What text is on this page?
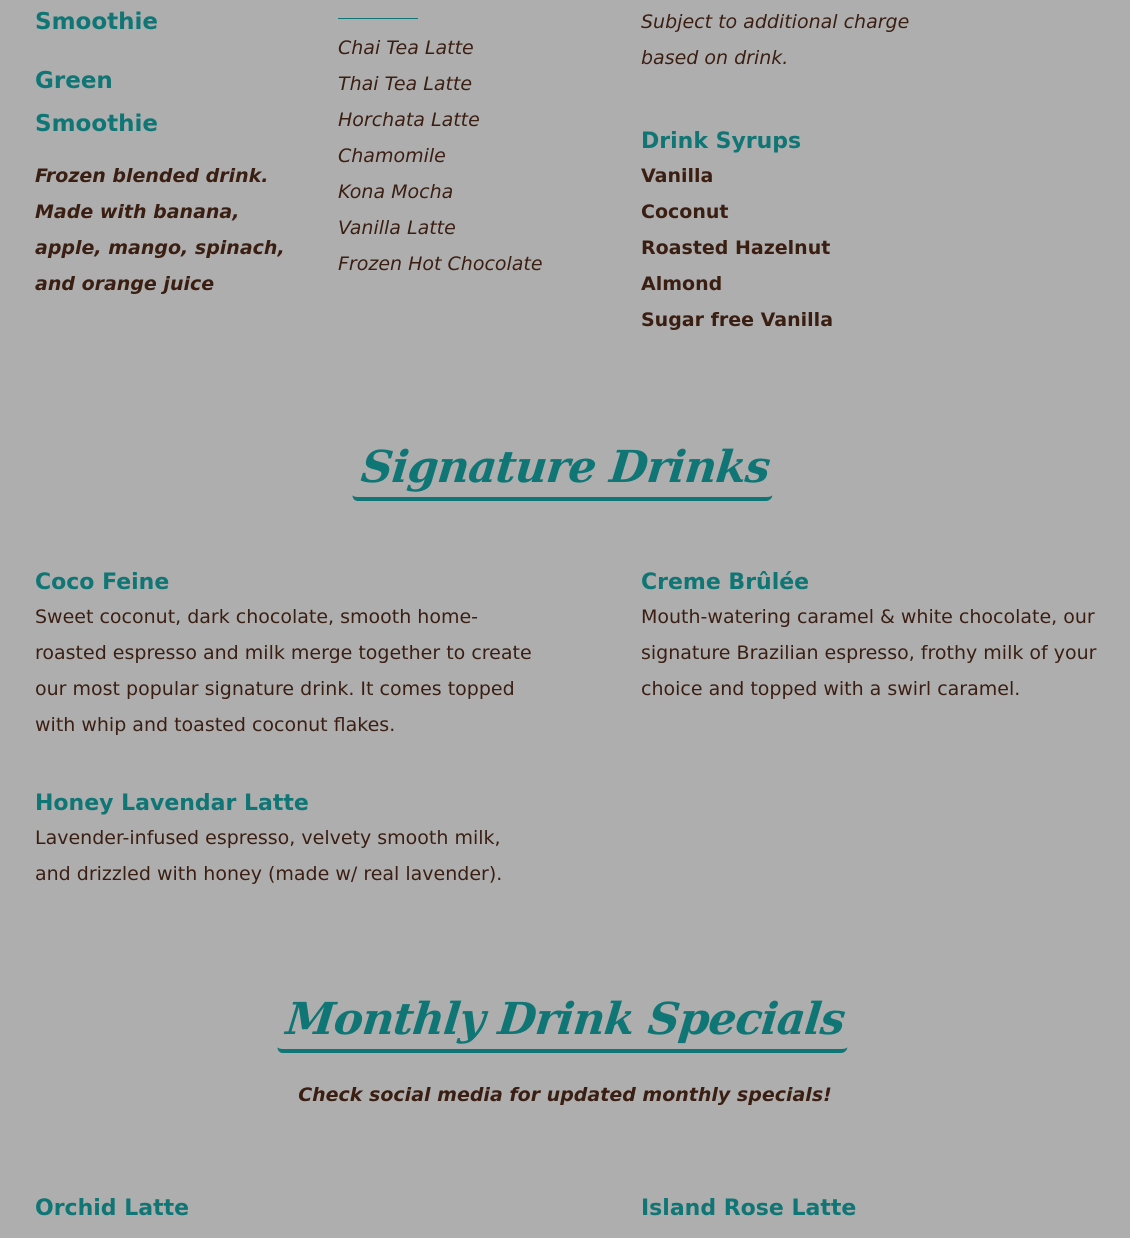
Smoothie
Green
Smoothie

Frozen blended drink. Made with banana, apple, mango, spinach, and orange juice

Chai Tea Latte
Thai Tea Latte
Horchata Latte
Chamomile
Kona Mocha
Vanilla Latte
Frozen Hot Chocolate

Subject to additional charge based on drink.

Drink Syrups
Vanilla
Coconut
Roasted Hazelnut
Almond
Sugar free Vanilla
Signature Drinks
Coco Feine

Sweet coconut, dark chocolate, smooth home-roasted espresso and milk merge together to create our most popular signature drink. It comes topped with whip and toasted coconut flakes.

Creme Brûlée

Mouth-watering caramel & white chocolate, our signature Brazilian espresso, frothy milk of your choice and topped with a swirl caramel.

Honey Lavendar Latte

Lavender-infused espresso, velvety smooth milk, and drizzled with honey (made w/ real lavender).

Monthly Drink Specials

Check social media for updated monthly specials!

Orchid Latte	Island Rose Latte
